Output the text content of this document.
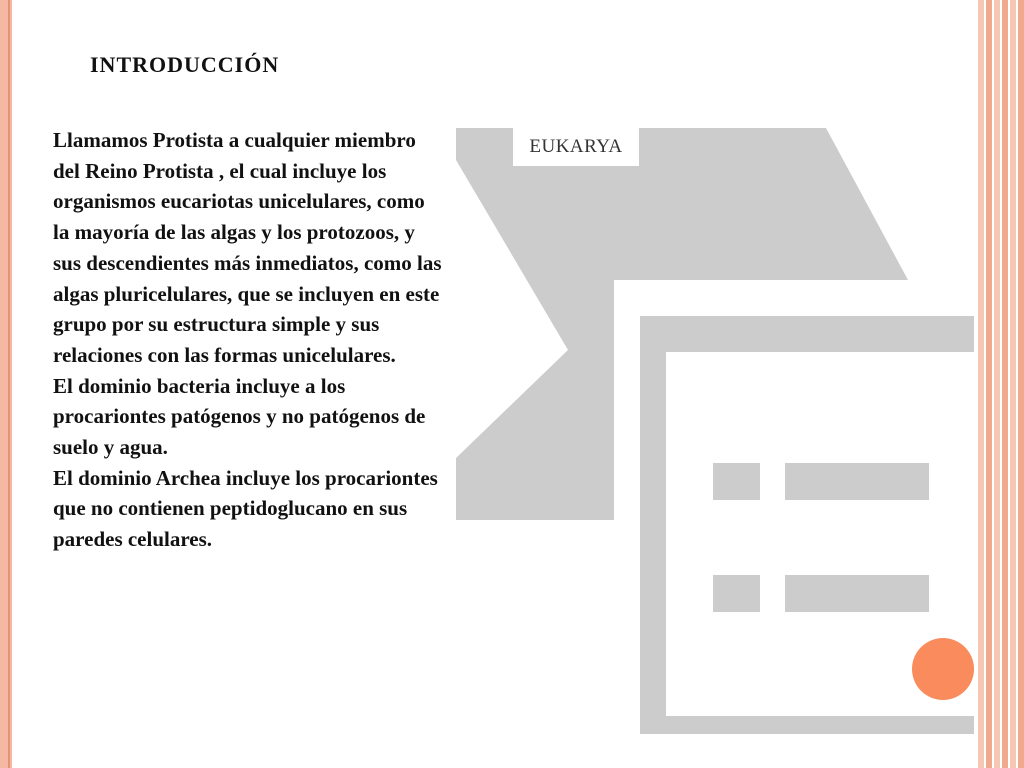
INTRODUCCIÓN

Llamamos Protista a cualquier miembro del Reino Protista , el cual incluye los organismos eucariotas unicelulares, como la mayoría de las algas y los protozoos, y sus descendientes más inmediatos, como las algas pluricelulares, que se incluyen en este grupo por su estructura simple y sus relaciones con las formas unicelulares.

El dominio bacteria incluye a los procariontes patógenos y no patógenos de suelo y agua.

El dominio Archea incluye los procariontes que no contienen peptidoglucano en sus paredes celulares.

EUKARYA
